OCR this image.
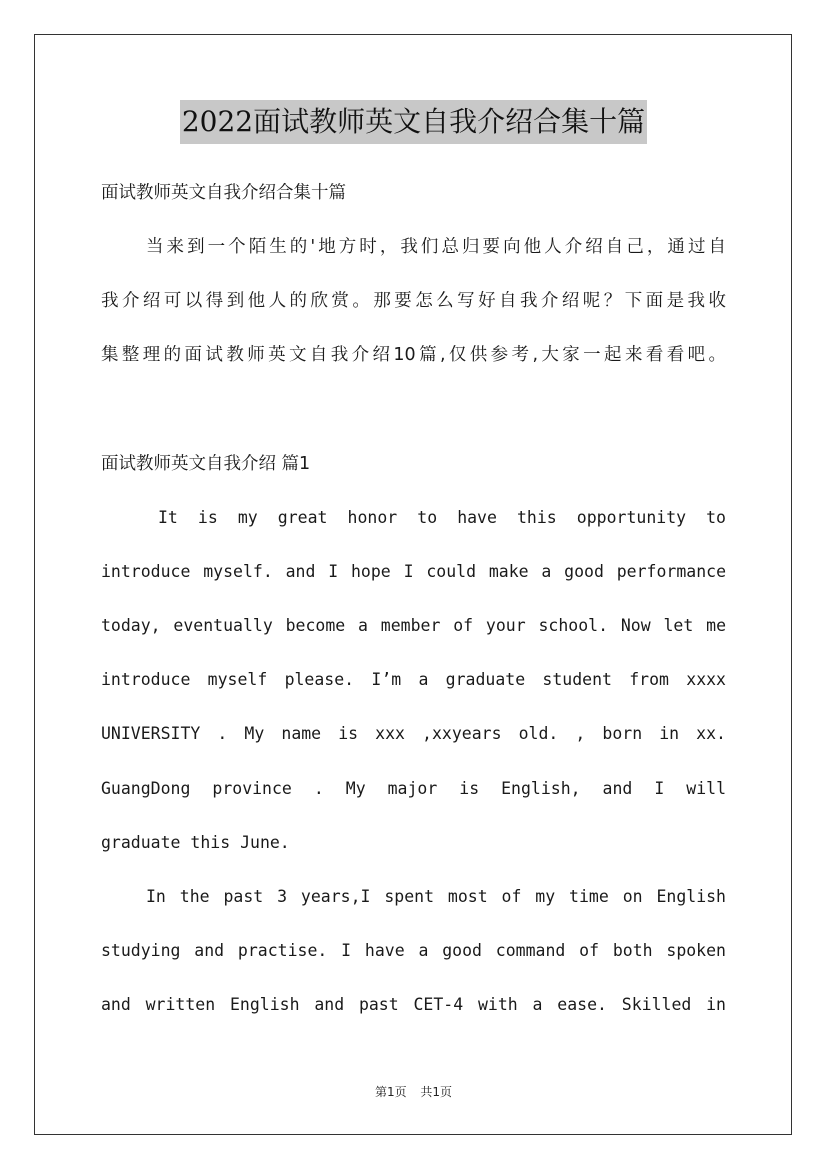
2022面试教师英文自我介绍合集十篇
面试教师英文自我介绍合集十篇
当来到一个陌生的'地方时，我们总归要向他人介绍自己，通过自
我介绍可以得到他人的欣赏。那要怎么写好自我介绍呢？下面是我收
集整理的面试教师英文自我介绍10篇,仅供参考,大家一起来看看吧。
面试教师英文自我介绍 篇1
It is my great honor to have this opportunity to
introduce myself. and I hope I could make a good performance
today, eventually become a member of your school. Now let me
introduce myself please. I’m a graduate student from xxxx
UNIVERSITY . My name is xxx ,xxyears old. , born in xx.
GuangDong province . My major is English, and I will
graduate this June.
In the past 3 years,I spent most of my time on English
studying and practise. I have a good command of both spoken
and written English and past CET-4 with a ease. Skilled in
第1页 共1页
